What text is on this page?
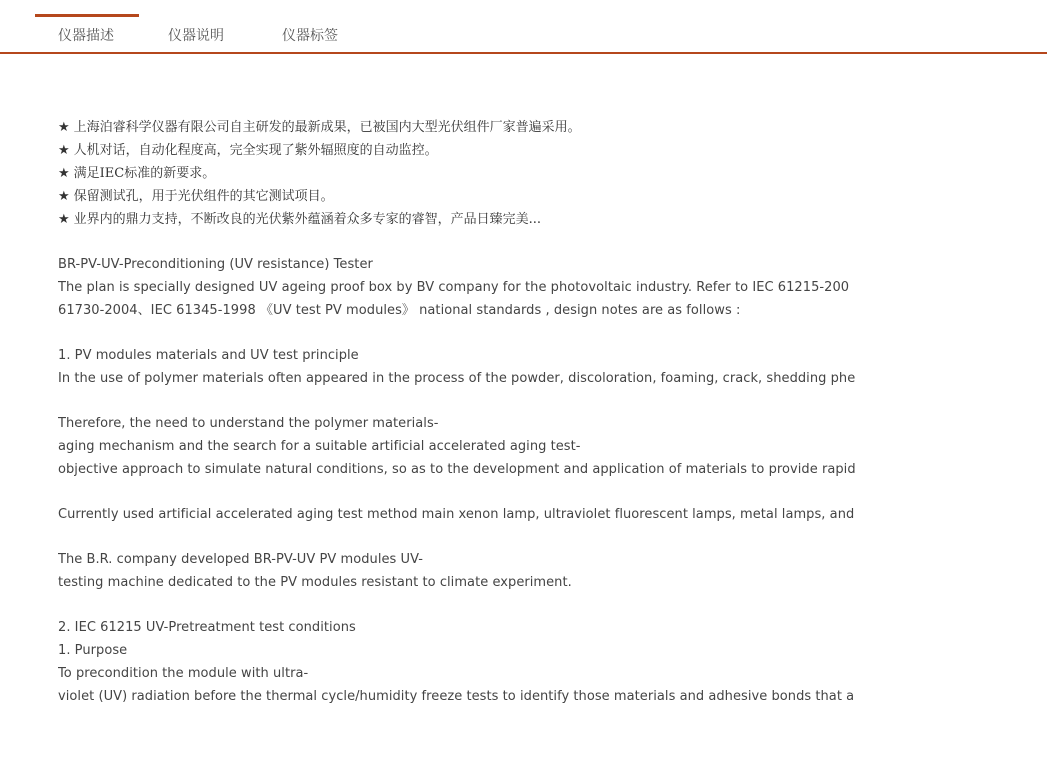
仪器描述	仪器说明	仪器标签
★ 上海泊睿科学仪器有限公司自主研发的最新成果，已被国内大型光伏组件厂家普遍采用。
★ 人机对话，自动化程度高，完全实现了紫外辐照度的自动监控。
★ 满足IEC标准的新要求。
★ 保留测试孔，用于光伏组件的其它测试项目。
★ 业界内的鼎力支持，不断改良的光伏紫外蕴涵着众多专家的睿智，产品日臻完美...
BR-PV-UV-Preconditioning (UV resistance) Tester
The plan is specially designed UV ageing proof box by BV company for the photovoltaic industry. Refer to IEC 61215-200
61730-2004、IEC 61345-1998 《UV test PV modules》 national standards , design notes are as follows :
1. PV modules materials and UV test principle
In the use of polymer materials often appeared in the process of the powder, discoloration, foaming, crack, shedding phe
Therefore, the need to understand the polymer materials-
aging mechanism and the search for a suitable artificial accelerated aging test-
objective approach to simulate natural conditions, so as to the development and application of materials to provide rapid
Currently used artificial accelerated aging test method main xenon lamp, ultraviolet fluorescent lamps, metal lamps, and
The B.R. company developed BR-PV-UV PV modules UV-
testing machine dedicated to the PV modules resistant to climate experiment.
2. IEC 61215 UV-Pretreatment test conditions
1. Purpose
To precondition the module with ultra-
violet (UV) radiation before the thermal cycle/humidity freeze tests to identify those materials and adhesive bonds that a
